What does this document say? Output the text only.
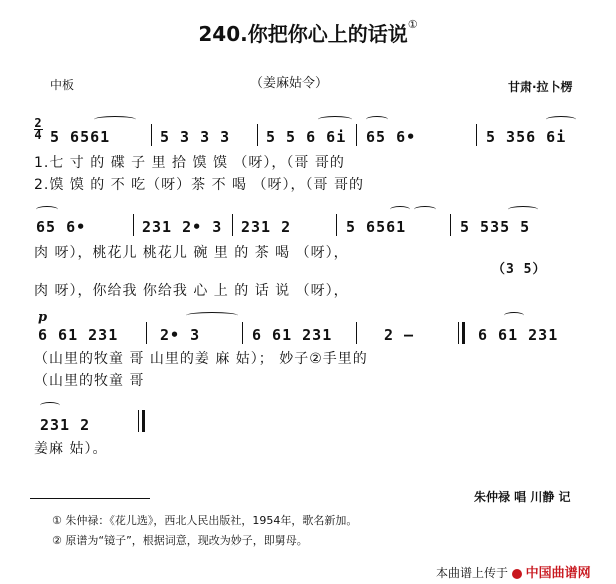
240.你把你心上的话说①
中板	（姜麻姑令）	甘肃·拉卜楞
2
4 5 6561	5 3 3 3 5 5 6 6i 65 6•	5 356 6i
1.七 寸 的 碟 子 里 拾 馍 馍 （呀），（哥 哥的
2.馍 馍 的 不 吃（呀）茶 不 喝 （呀），（哥 哥的
65 6•	231 2• 3 231 2	5 6561	5 535 5
肉 呀），桃花儿 桃花儿 碗 里 的 茶 喝 （呀），
（3 5）
肉 呀），你给我 你给我 心 上 的 话 说 （呀），
p
6 61 231	2• 3	6 61 231	2 —	6 61 231
（山里的牧童 哥 山里的姜 麻 姑）； 妙子②手里的
（山里的牧童 哥
231 2
姜麻 姑）。
朱仲禄 唱 川静 记
① 朱仲禄：《花儿选》，西北人民出版社，1954年，歌名新加。
② 原谱为“镜子”，根据词意，现改为妙子，即舅母。
本曲谱上传于 中国曲谱网
